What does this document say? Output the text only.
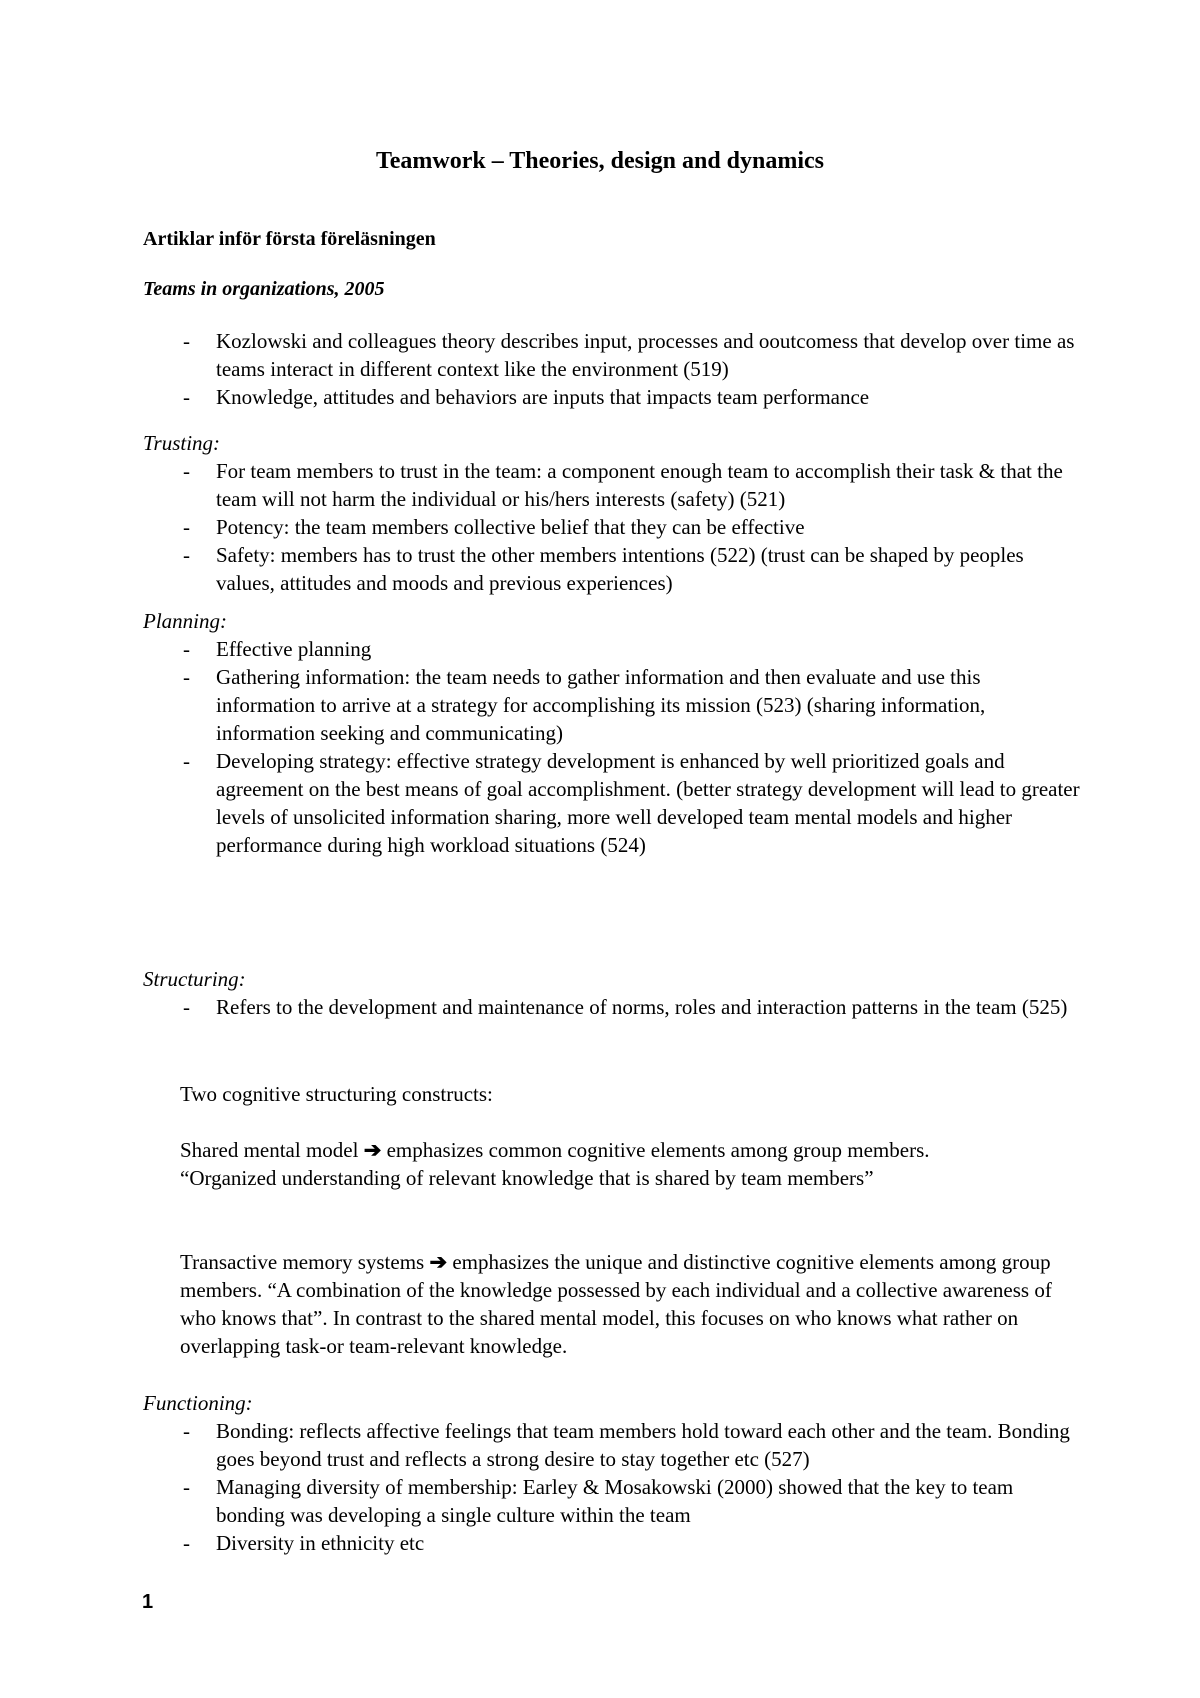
Teamwork – Theories, design and dynamics
Artiklar inför första föreläsningen
Teams in organizations, 2005
- Kozlowski and colleagues theory describes input, processes and ooutcomess that develop over time as teams interact in different context like the environment (519)
- Knowledge, attitudes and behaviors are inputs that impacts team performance
Trusting:
- For team members to trust in the team: a component enough team to accomplish their task & that the team will not harm the individual or his/hers interests (safety) (521)
- Potency: the team members collective belief that they can be effective
- Safety: members has to trust the other members intentions (522) (trust can be shaped by peoples values, attitudes and moods and previous experiences)
Planning:
- Effective planning
- Gathering information: the team needs to gather information and then evaluate and use this information to arrive at a strategy for accomplishing its mission (523) (sharing information, information seeking and communicating)
- Developing strategy: effective strategy development is enhanced by well prioritized goals and agreement on the best means of goal accomplishment. (better strategy development will lead to greater levels of unsolicited information sharing, more well developed team mental models and higher performance during high workload situations (524)
Structuring:
- Refers to the development and maintenance of norms, roles and interaction patterns in the team (525)

Two cognitive structuring constructs:

Shared mental model ➔ emphasizes common cognitive elements among group members.

“Organized understanding of relevant knowledge that is shared by team members”

Transactive memory systems ➔ emphasizes the unique and distinctive cognitive elements among group members. “A combination of the knowledge possessed by each individual and a collective awareness of who knows that”. In contrast to the shared mental model, this focuses on who knows what rather on overlapping task-or team-relevant knowledge.

Functioning:
- Bonding: reflects affective feelings that team members hold toward each other and the team. Bonding goes beyond trust and reflects a strong desire to stay together etc (527)
- Managing diversity of membership: Earley & Mosakowski (2000) showed that the key to team bonding was developing a single culture within the team
- Diversity in ethnicity etc
1
